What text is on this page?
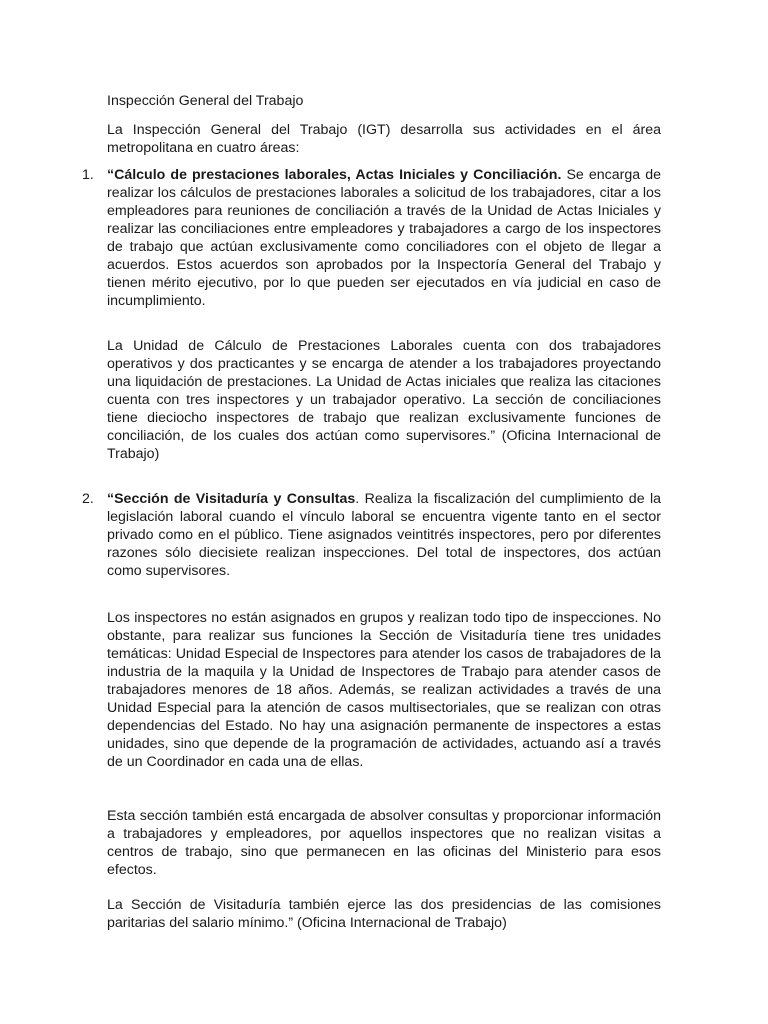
Inspección General del Trabajo

La Inspección General del Trabajo (IGT) desarrolla sus actividades en el área metropolitana en cuatro áreas:

1. “Cálculo de prestaciones laborales, Actas Iniciales y Conciliación. Se encarga de realizar los cálculos de prestaciones laborales a solicitud de los trabajadores, citar a los empleadores para reuniones de conciliación a través de la Unidad de Actas Iniciales y realizar las conciliaciones entre empleadores y trabajadores a cargo de los inspectores de trabajo que actúan exclusivamente como conciliadores con el objeto de llegar a acuerdos. Estos acuerdos son aprobados por la Inspectoría General del Trabajo y tienen mérito ejecutivo, por lo que pueden ser ejecutados en vía judicial en caso de incumplimiento.

La Unidad de Cálculo de Prestaciones Laborales cuenta con dos trabajadores operativos y dos practicantes y se encarga de atender a los trabajadores proyectando una liquidación de prestaciones. La Unidad de Actas iniciales que realiza las citaciones cuenta con tres inspectores y un trabajador operativo. La sección de conciliaciones tiene dieciocho inspectores de trabajo que realizan exclusivamente funciones de conciliación, de los cuales dos actúan como supervisores.” (Oficina Internacional de Trabajo)

2. “Sección de Visitaduría y Consultas. Realiza la fiscalización del cumplimiento de la legislación laboral cuando el vínculo laboral se encuentra vigente tanto en el sector privado como en el público. Tiene asignados veintitrés inspectores, pero por diferentes razones sólo diecisiete realizan inspecciones. Del total de inspectores, dos actúan como supervisores.

Los inspectores no están asignados en grupos y realizan todo tipo de inspecciones. No obstante, para realizar sus funciones la Sección de Visitaduría tiene tres unidades temáticas: Unidad Especial de Inspectores para atender los casos de trabajadores de la industria de la maquila y la Unidad de Inspectores de Trabajo para atender casos de trabajadores menores de 18 años. Además, se realizan actividades a través de una Unidad Especial para la atención de casos multisectoriales, que se realizan con otras dependencias del Estado. No hay una asignación permanente de inspectores a estas unidades, sino que depende de la programación de actividades, actuando así a través de un Coordinador en cada una de ellas.

Esta sección también está encargada de absolver consultas y proporcionar información a trabajadores y empleadores, por aquellos inspectores que no realizan visitas a centros de trabajo, sino que permanecen en las oficinas del Ministerio para esos efectos.

La Sección de Visitaduría también ejerce las dos presidencias de las comisiones paritarias del salario mínimo.” (Oficina Internacional de Trabajo)
